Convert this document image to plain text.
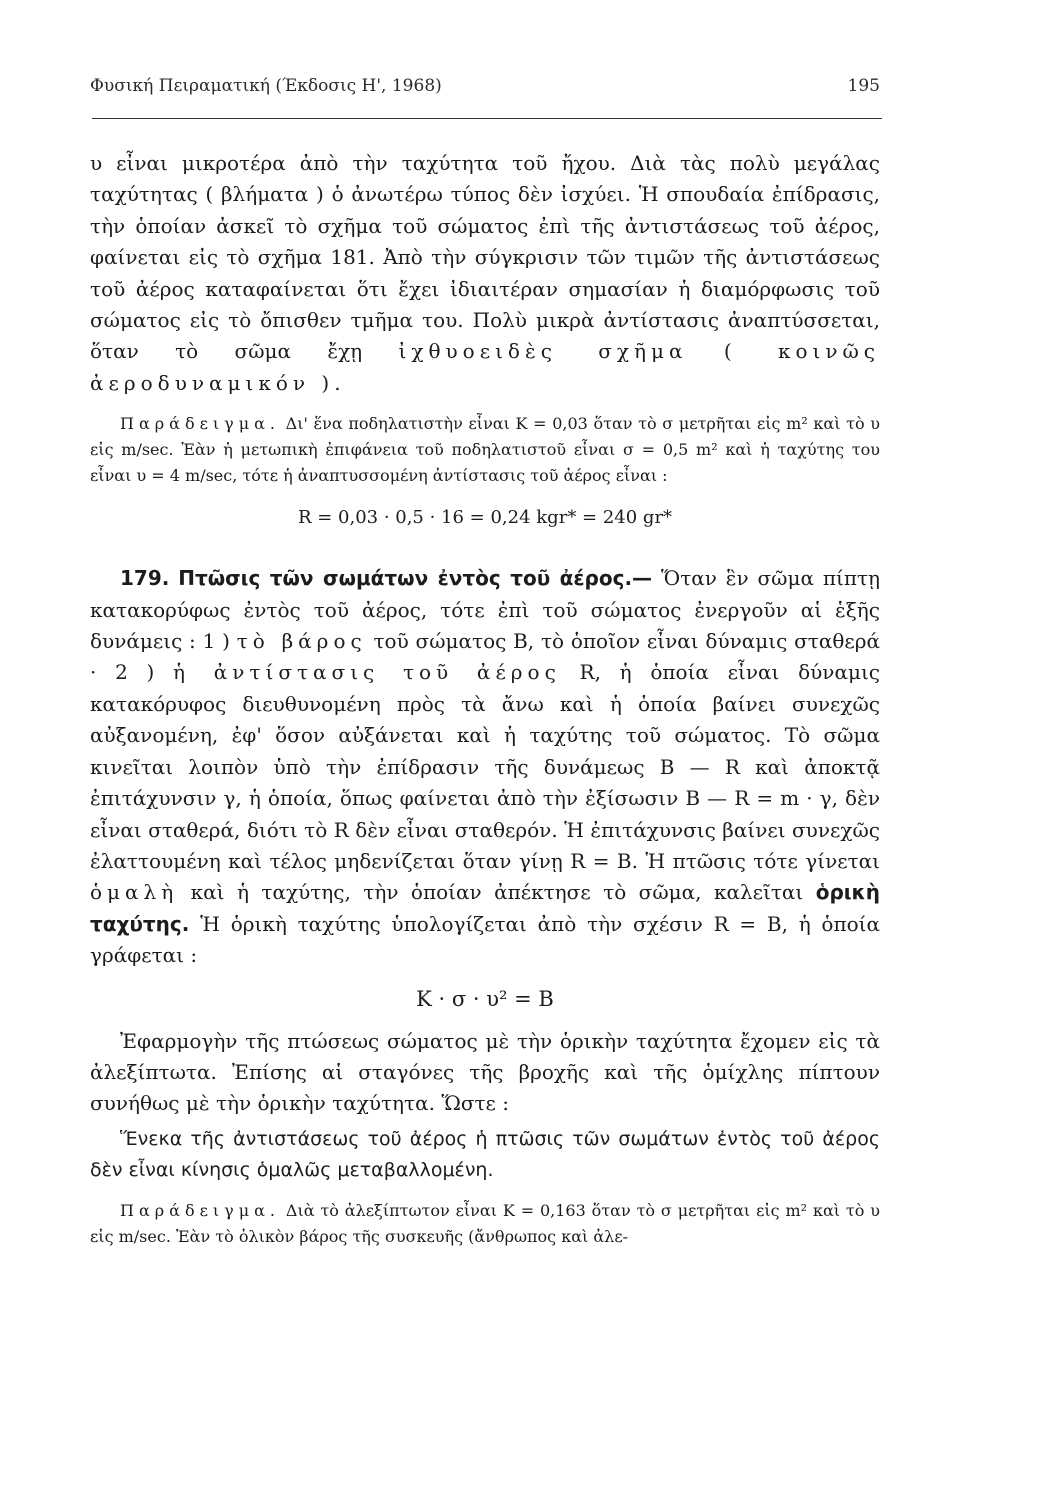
Φυσική Πειραματική (Έκδοσις Η', 1968)	195

υ εἶναι μικροτέρα ἀπὸ τὴν ταχύτητα τοῦ ἤχου. Διὰ τὰς πολὺ μεγάλας ταχύτητας ( βλήματα ) ὁ ἀνωτέρω τύπος δὲν ἰσχύει. Ἡ σπουδαία ἐπίδρασις, τὴν ὁποίαν ἀσκεῖ τὸ σχῆμα τοῦ σώματος ἐπὶ τῆς ἀντιστάσεως τοῦ ἀέρος, φαίνεται εἰς τὸ σχῆμα 181. Ἀπὸ τὴν σύγκρισιν τῶν τιμῶν τῆς ἀντιστάσεως τοῦ ἀέρος καταφαίνεται ὅτι ἔχει ἰδιαιτέραν σημασίαν ἡ διαμόρφωσις τοῦ σώματος εἰς τὸ ὄπισθεν τμῆμα του. Πολὺ μικρὰ ἀντίστασις ἀναπτύσσεται, ὅταν τὸ σῶμα ἔχῃ ἰχθυοειδὲς σχῆμα ( κοινῶς ἀεροδυναμικόν ).

Παράδειγμα. Δι' ἕνα ποδηλατιστὴν εἶναι Κ = 0,03 ὅταν τὸ σ μετρῆται εἰς m² καὶ τὸ υ εἰς m/sec. Ἐὰν ἡ μετωπικὴ ἐπιφάνεια τοῦ ποδηλατιστοῦ εἶναι σ = 0,5 m² καὶ ἡ ταχύτης του εἶναι υ = 4 m/sec, τότε ἡ ἀναπτυσσομένη ἀντίστασις τοῦ ἀέρος εἶναι :

R = 0,03 · 0,5 · 16 = 0,24 kgr* = 240 gr*

179. Πτῶσις τῶν σωμάτων ἐντὸς τοῦ ἀέρος.— Ὅταν ἓν σῶμα πίπτῃ κατακορύφως ἐντὸς τοῦ ἀέρος, τότε ἐπὶ τοῦ σώματος ἐνεργοῦν αἱ ἑξῆς δυνάμεις : 1 ) τὸ βάρος τοῦ σώματος Β, τὸ ὁποῖον εἶναι δύναμις σταθερά · 2 ) ἡ ἀντίστασις τοῦ ἀέρος R, ἡ ὁποία εἶναι δύναμις κατακόρυφος διευθυνομένη πρὸς τὰ ἄνω καὶ ἡ ὁποία βαίνει συνεχῶς αὐξανομένη, ἐφ' ὅσον αὐξάνεται καὶ ἡ ταχύτης τοῦ σώματος. Τὸ σῶμα κινεῖται λοιπὸν ὑπὸ τὴν ἐπίδρασιν τῆς δυνάμεως Β — R καὶ ἀποκτᾷ ἐπιτάχυνσιν γ, ἡ ὁποία, ὅπως φαίνεται ἀπὸ τὴν ἐξίσωσιν Β — R = m · γ, δὲν εἶναι σταθερά, διότι τὸ R δὲν εἶναι σταθερόν. Ἡ ἐπιτάχυνσις βαίνει συνεχῶς ἐλαττουμένη καὶ τέλος μηδενίζεται ὅταν γίνῃ R = Β. Ἡ πτῶσις τότε γίνεται ὁμαλὴ καὶ ἡ ταχύτης, τὴν ὁποίαν ἀπέκτησε τὸ σῶμα, καλεῖται ὁρικὴ ταχύτης. Ἡ ὁρικὴ ταχύτης ὑπολογίζεται ἀπὸ τὴν σχέσιν R = Β, ἡ ὁποία γράφεται :

Κ · σ · υ² = Β

Ἐφαρμογὴν τῆς πτώσεως σώματος μὲ τὴν ὁρικὴν ταχύτητα ἔχομεν εἰς τὰ ἀλεξίπτωτα. Ἐπίσης αἱ σταγόνες τῆς βροχῆς καὶ τῆς ὁμίχλης πίπτουν συνήθως μὲ τὴν ὁρικὴν ταχύτητα. Ὥστε :

Ἕνεκα τῆς ἀντιστάσεως τοῦ ἀέρος ἡ πτῶσις τῶν σωμάτων ἐντὸς τοῦ ἀέρος δὲν εἶναι κίνησις ὁμαλῶς μεταβαλλομένη.

Παράδειγμα. Διὰ τὸ ἀλεξίπτωτον εἶναι Κ = 0,163 ὅταν τὸ σ μετρῆται εἰς m² καὶ τὸ υ εἰς m/sec. Ἐὰν τὸ ὁλικὸν βάρος τῆς συσκευῆς (ἄνθρωπος καὶ ἀλε-
